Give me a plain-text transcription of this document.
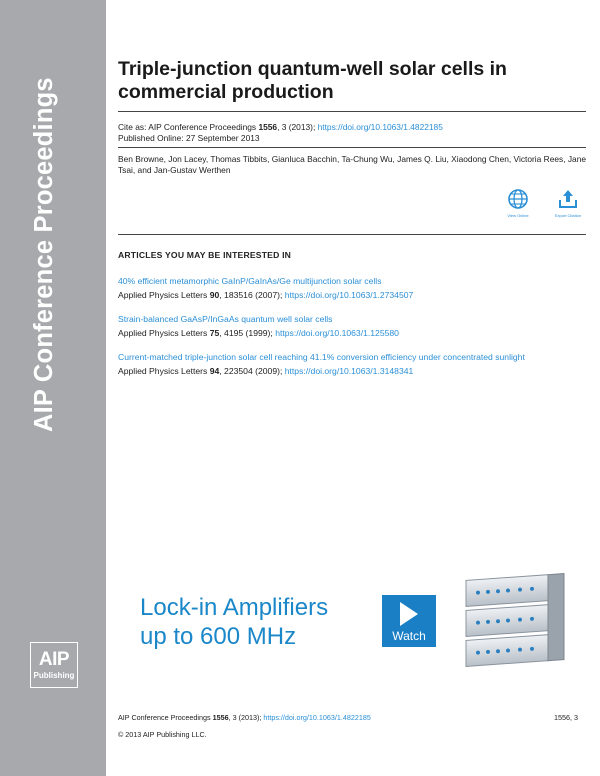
AIP Conference Proceedings
AIP
Publishing
Triple-junction quantum-well solar cells in commercial production
Cite as: AIP Conference Proceedings 1556, 3 (2013); https://doi.org/10.1063/1.4822185
Published Online: 27 September 2013
Ben Browne, Jon Lacey, Thomas Tibbits, Gianluca Bacchin, Ta-Chung Wu, James Q. Liu, Xiaodong Chen, Victoria Rees, Jane Tsai, and Jan-Gustav Werthen
View Online	Export Citation
ARTICLES YOU MAY BE INTERESTED IN
40% efficient metamorphic GaInP/GaInAs/Ge multijunction solar cells
Applied Physics Letters 90, 183516 (2007); https://doi.org/10.1063/1.2734507
Strain-balanced GaAsP/InGaAs quantum well solar cells
Applied Physics Letters 75, 4195 (1999); https://doi.org/10.1063/1.125580
Current-matched triple-junction solar cell reaching 41.1% conversion efficiency under concentrated sunlight
Applied Physics Letters 94, 223504 (2009); https://doi.org/10.1063/1.3148341
Lock-in Amplifiers
up to 600 MHz	Watch
AIP Conference Proceedings 1556, 3 (2013); https://doi.org/10.1063/1.4822185	1556, 3
© 2013 AIP Publishing LLC.
